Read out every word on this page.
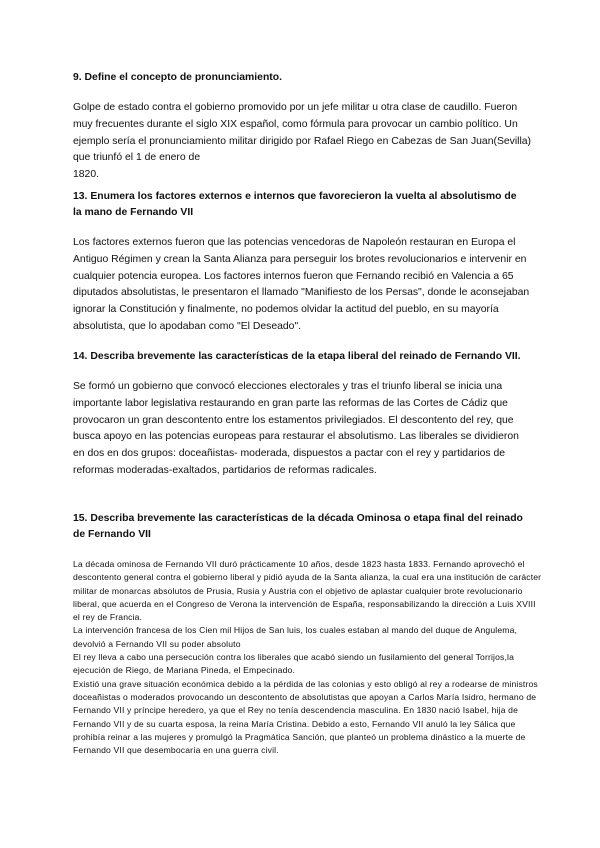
9. Define el concepto de pronunciamiento.

Golpe de estado contra el gobierno promovido por un jefe militar u otra clase de caudillo. Fueron muy frecuentes durante el siglo XIX español, como fórmula para provocar un cambio político. Un ejemplo sería el pronunciamiento militar dirigido por Rafael Riego en Cabezas de San Juan(Sevilla) que triunfó el 1 de enero de

1820.

13. Enumera los factores externos e internos que favorecieron la vuelta al absolutismo de la mano de Fernando VII

Los factores externos fueron que las potencias vencedoras de Napoleón restauran en Europa el Antiguo Régimen y crean la Santa Alianza para perseguir los brotes revolucionarios e intervenir en cualquier potencia europea. Los factores internos fueron que Fernando recibió en Valencia a 65 diputados absolutistas, le presentaron el llamado "Manifiesto de los Persas", donde le aconsejaban ignorar la Constitución y finalmente, no podemos olvidar la actitud del pueblo, en su mayoría absolutista, que lo apodaban como "El Deseado".

14. Describa brevemente las características de la etapa liberal del reinado de Fernando VII.

Se formó un gobierno que convocó elecciones electorales y tras el triunfo liberal se inicia una importante labor legislativa restaurando en gran parte las reformas de las Cortes de Cádiz que provocaron un gran descontento entre los estamentos privilegiados. El descontento del rey, que busca apoyo en las potencias europeas para restaurar el absolutismo. Las liberales se dividieron en dos en dos grupos: doceañistas- moderada, dispuestos a pactar con el rey y partidarios de reformas moderadas-exaltados, partidarios de reformas radicales.

15. Describa brevemente las características de la década Ominosa o etapa final del reinado de Fernando VII

La década ominosa de Fernando VII duró prácticamente 10 años, desde 1823 hasta 1833. Fernando aprovechó el descontento general contra el gobierno liberal y pidió ayuda de la Santa alianza, la cual era una institución de carácter militar de monarcas absolutos de Prusia, Rusia y Austria con el objetivo de aplastar cualquier brote revolucionario liberal, que acuerda en el Congreso de Verona la intervención de España, responsabilizando la dirección a Luis XVIII el rey de Francia.
La intervención francesa de los Cien mil Hijos de San luis, los cuales estaban al mando del duque de Angulema, devolvió a Fernando VII su poder absoluto
El rey lleva a cabo una persecución contra los liberales que acabó siendo un fusilamiento del general Torrijos,la ejecución de Riego, de Mariana Pineda, el Empecinado.
Existió una grave situación económica debido a la pérdida de las colonias y esto obligó al rey a rodearse de ministros doceañistas o moderados provocando un descontento de absolutistas que apoyan a Carlos María Isidro, hermano de Fernando VII y príncipe heredero, ya que el Rey no tenía descendencia masculina. En 1830 nació Isabel, hija de Fernando VII y de su cuarta esposa, la reina María Cristina. Debido a esto, Fernando VII anuló la ley Sálica que prohibía reinar a las mujeres y promulgó la Pragmática Sanción, que planteó un problema dinástico a la muerte de Fernando VII que desembocaría en una guerra civil.
